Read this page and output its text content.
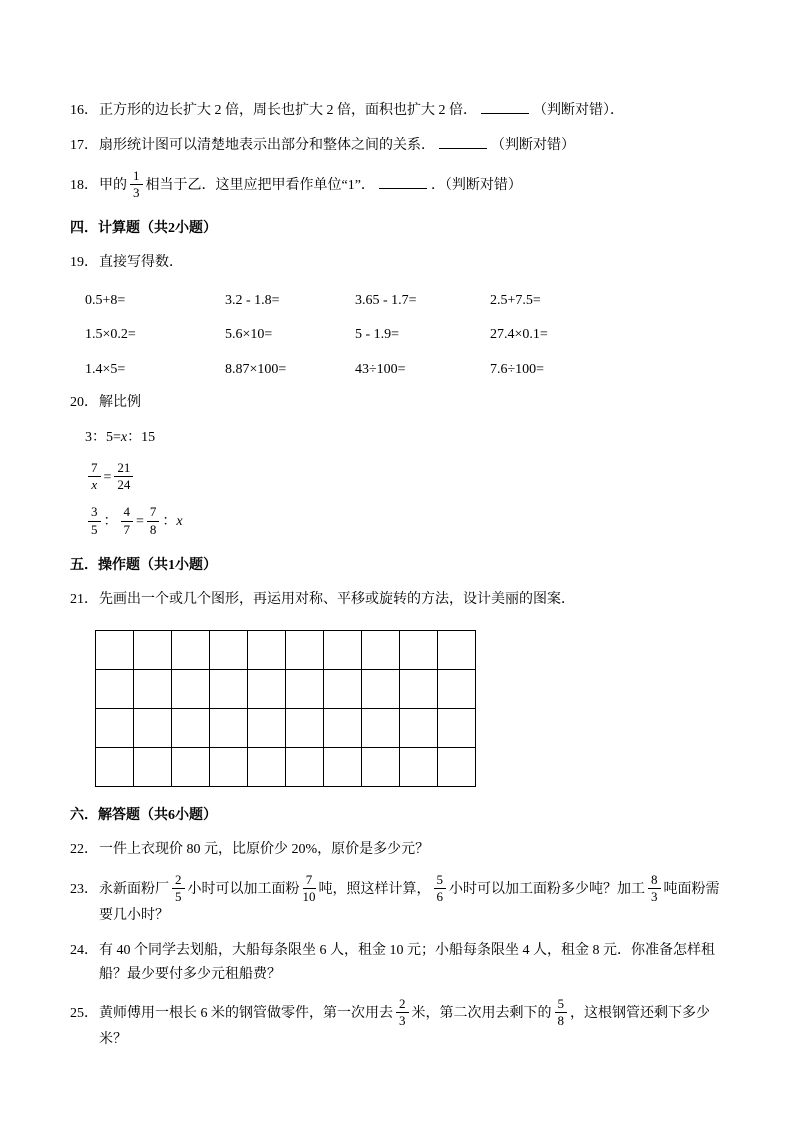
16．正方形的边长扩大 2 倍，周长也扩大 2 倍，面积也扩大 2 倍．	（判断对错）．
17．扇形统计图可以清楚地表示出部分和整体之间的关系．	（判断对错）
18．甲的 $\frac{1}{3}$ 相当于乙．这里应把甲看作单位“1”．	．（判断对错）
四．计算题（共2小题）
19．直接写得数．
0.5+8=	3.2 - 1.8=	3.65 - 1.7=	2.5+7.5=
1.5×0.2=	5.6×10=	5 - 1.9=	27.4×0.1=
1.4×5=	8.87×100=	43÷100=	7.6÷100=
20．解比例
3：5=x：15
$\frac{7}{x} = \frac{21}{24}$
$\frac{3}{5}$ ： $\frac{4}{7} = \frac{7}{8}$ ：x
五．操作题（共1小题）
21．先画出一个或几个图形，再运用对称、平移或旋转的方法，设计美丽的图案．
六．解答题（共6小题）
22．一件上衣现价 80 元，比原价少 20%，原价是多少元？
23．永新面粉厂 $\frac{2}{5}$ 小时可以加工面粉 $\frac{7}{10}$ 吨，照这样计算， $\frac{5}{6}$ 小时可以加工面粉多少吨？加工 $\frac{8}{3}$ 吨面粉需要几小时？
24．有 40 个同学去划船，大船每条限坐 6 人，租金 10 元；小船每条限坐 4 人，租金 8 元．你准备怎样租船？最少要付多少元租船费？
25．黄师傅用一根长 6 米的钢管做零件，第一次用去 $\frac{2}{3}$ 米，第二次用去剩下的 $\frac{5}{8}$ ，这根钢管还剩下多少米？
